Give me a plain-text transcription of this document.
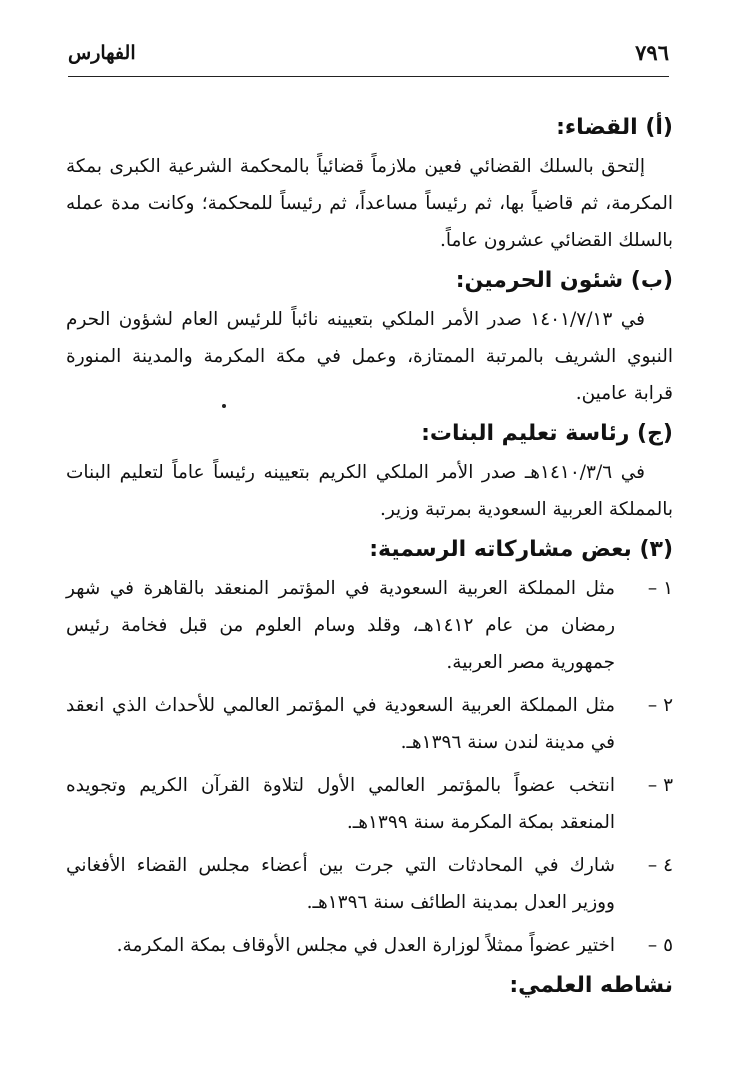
٧٩٦
الفهارس
(أ) القضاء:

إلتحق بالسلك القضائي فعين ملازماً قضائياً بالمحكمة الشرعية الكبرى بمكة المكرمة، ثم قاضياً بها، ثم رئيساً مساعداً، ثم رئيساً للمحكمة؛ وكانت مدة عمله بالسلك القضائي عشرون عاماً.

(ب) شئون الحرمين:

في ١٤٠١/٧/١٣ صدر الأمر الملكي بتعيينه نائباً للرئيس العام لشؤون الحرم النبوي الشريف بالمرتبة الممتازة، وعمل في مكة المكرمة والمدينة المنورة قرابة عامين.

(ج) رئاسة تعليم البنات:

في ١٤١٠/٣/٦هـ صدر الأمر الملكي الكريم بتعيينه رئيساً عاماً لتعليم البنات بالمملكة العربية السعودية بمرتبة وزير.

(٣) بعض مشاركاته الرسمية:
١ –
مثل المملكة العربية السعودية في المؤتمر المنعقد بالقاهرة في شهر رمضان من عام ١٤١٢هـ، وقلد وسام العلوم من قبل فخامة رئيس جمهورية مصر العربية.
٢ –
مثل المملكة العربية السعودية في المؤتمر العالمي للأحداث الذي انعقد في مدينة لندن سنة ١٣٩٦هـ.
٣ –
انتخب عضواً بالمؤتمر العالمي الأول لتلاوة القرآن الكريم وتجويده المنعقد بمكة المكرمة سنة ١٣٩٩هـ.
٤ –
شارك في المحادثات التي جرت بين أعضاء مجلس القضاء الأفغاني ووزير العدل بمدينة الطائف سنة ١٣٩٦هـ.
٥ –
اختير عضواً ممثلاً لوزارة العدل في مجلس الأوقاف بمكة المكرمة.
نشاطه العلمي:
